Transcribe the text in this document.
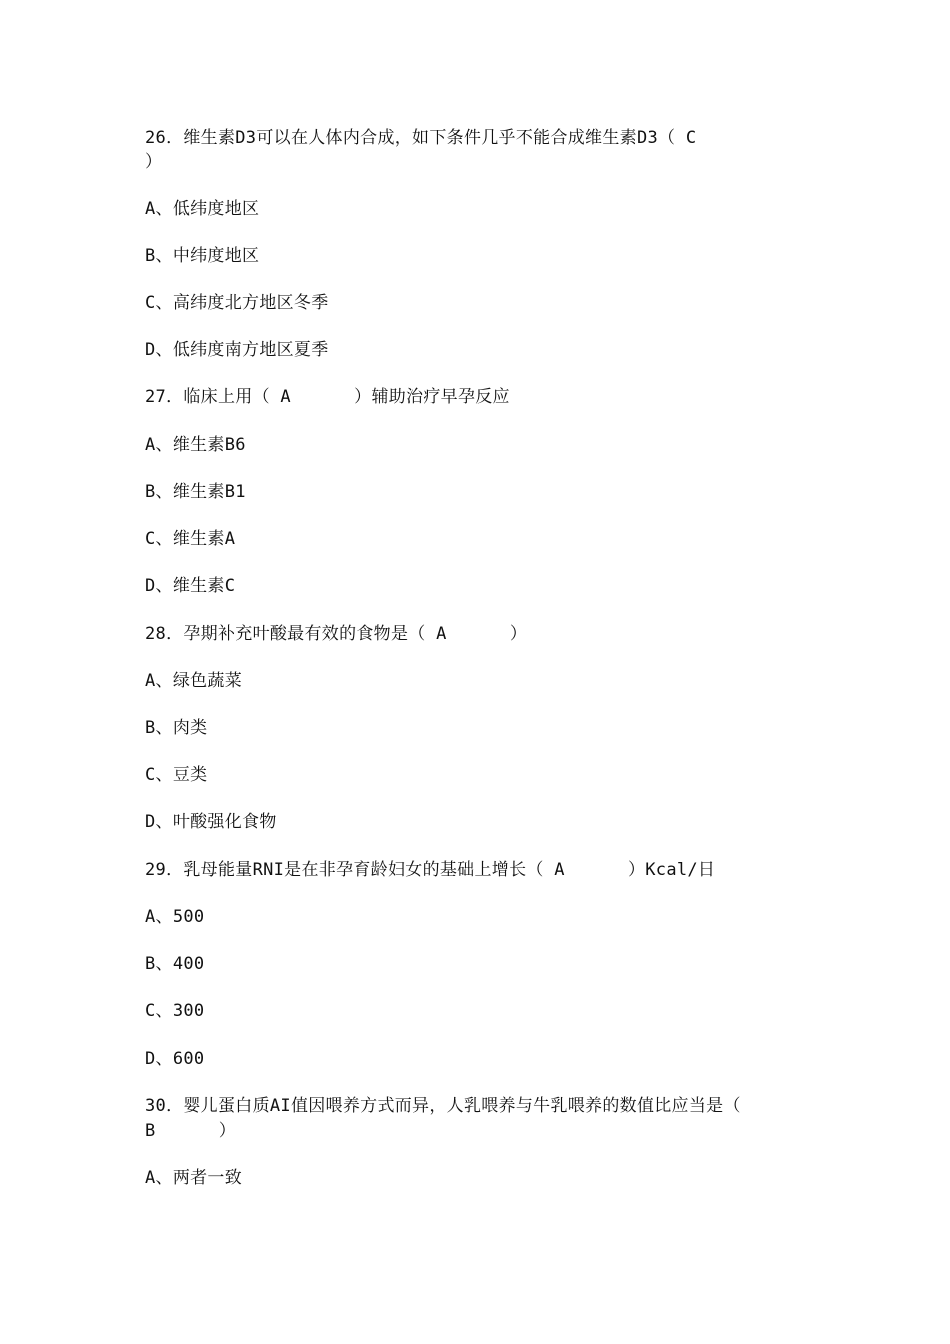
26．维生素D3可以在人体内合成，如下条件几乎不能合成维生素D3（ C
）
A、低纬度地区
B、中纬度地区
C、高纬度北方地区冬季
D、低纬度南方地区夏季
27．临床上用（ A      ）辅助治疗早孕反应
A、维生素B6
B、维生素B1
C、维生素A
D、维生素C
28．孕期补充叶酸最有效的食物是（ A      ）
A、绿色蔬菜
B、肉类
C、豆类
D、叶酸强化食物
29．乳母能量RNI是在非孕育龄妇女的基础上增长（ A      ）Kcal/日
A、500
B、400
C、300
D、600
30．婴儿蛋白质AI值因喂养方式而异，人乳喂养与牛乳喂养的数值比应当是（
B      ）
A、两者一致
